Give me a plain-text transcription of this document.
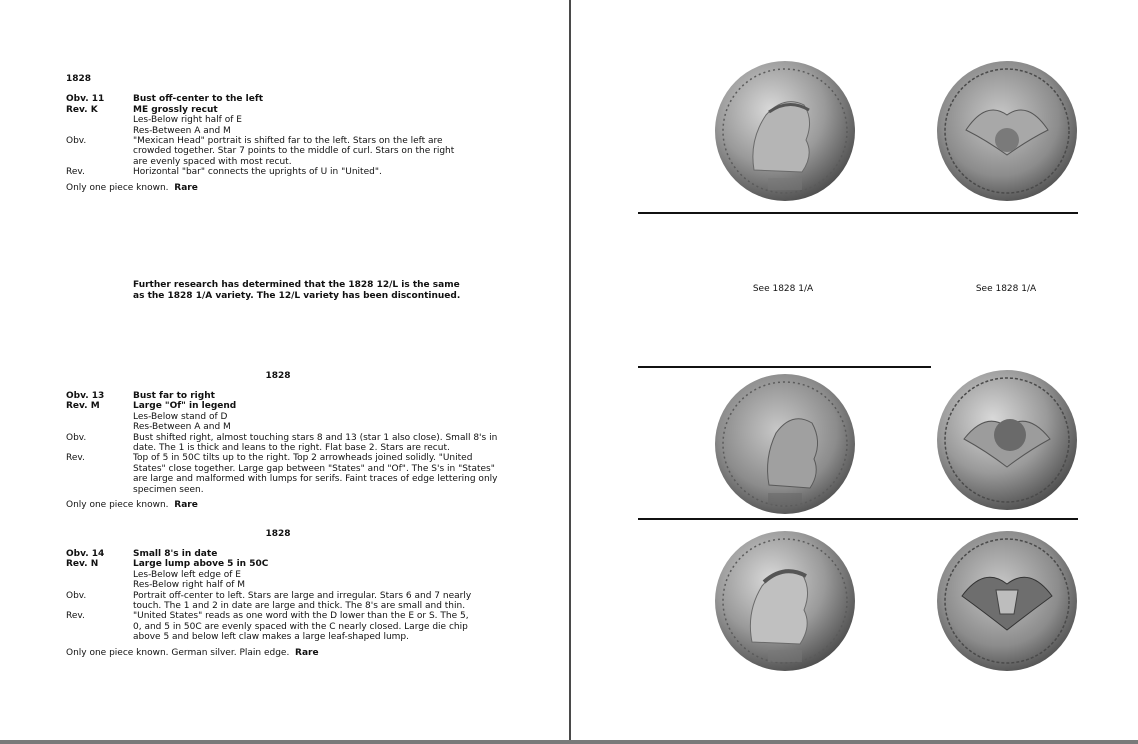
1828
Obv. 11	Bust off-center to the left
Rev. K	ME grossly recut
Les-Below right half of E
Res-Between A and M
Obv.	"Mexican Head" portrait is shifted far to the left. Stars on the left are
crowded together. Star 7 points to the middle of curl. Stars on the right
are evenly spaced with most recut.
Rev.	Horizontal "bar" connects the uprights of U in "United".
Only one piece known. Rare
Further research has determined that the 1828 12/L is the same
as the 1828 1/A variety. The 12/L variety has been discontinued.
1828
Obv. 13	Bust far to right
Rev. M	Large "Of" in legend
Les-Below stand of D
Res-Between A and M
Obv.	Bust shifted right, almost touching stars 8 and 13 (star 1 also close). Small 8's in
date. The 1 is thick and leans to the right. Flat base 2. Stars are recut.
Rev.	Top of 5 in 50C tilts up to the right. Top 2 arrowheads joined solidly. "United
States" close together. Large gap between "States" and "Of". The S's in "States"
are large and malformed with lumps for serifs. Faint traces of edge lettering only
specimen seen.
Only one piece known. Rare
1828
Obv. 14	Small 8's in date
Rev. N	Large lump above 5 in 50C
Les-Below left edge of E
Res-Below right half of M
Obv.	Portrait off-center to left. Stars are large and irregular. Stars 6 and 7 nearly
touch. The 1 and 2 in date are large and thick. The 8's are small and thin.
Rev.	"United States" reads as one word with the D lower than the E or S. The 5,
0, and 5 in 50C are evenly spaced with the C nearly closed. Large die chip
above 5 and below left claw makes a large leaf-shaped lump.
Only one piece known. German silver. Plain edge. Rare
See 1828 1/A	See 1828 1/A
